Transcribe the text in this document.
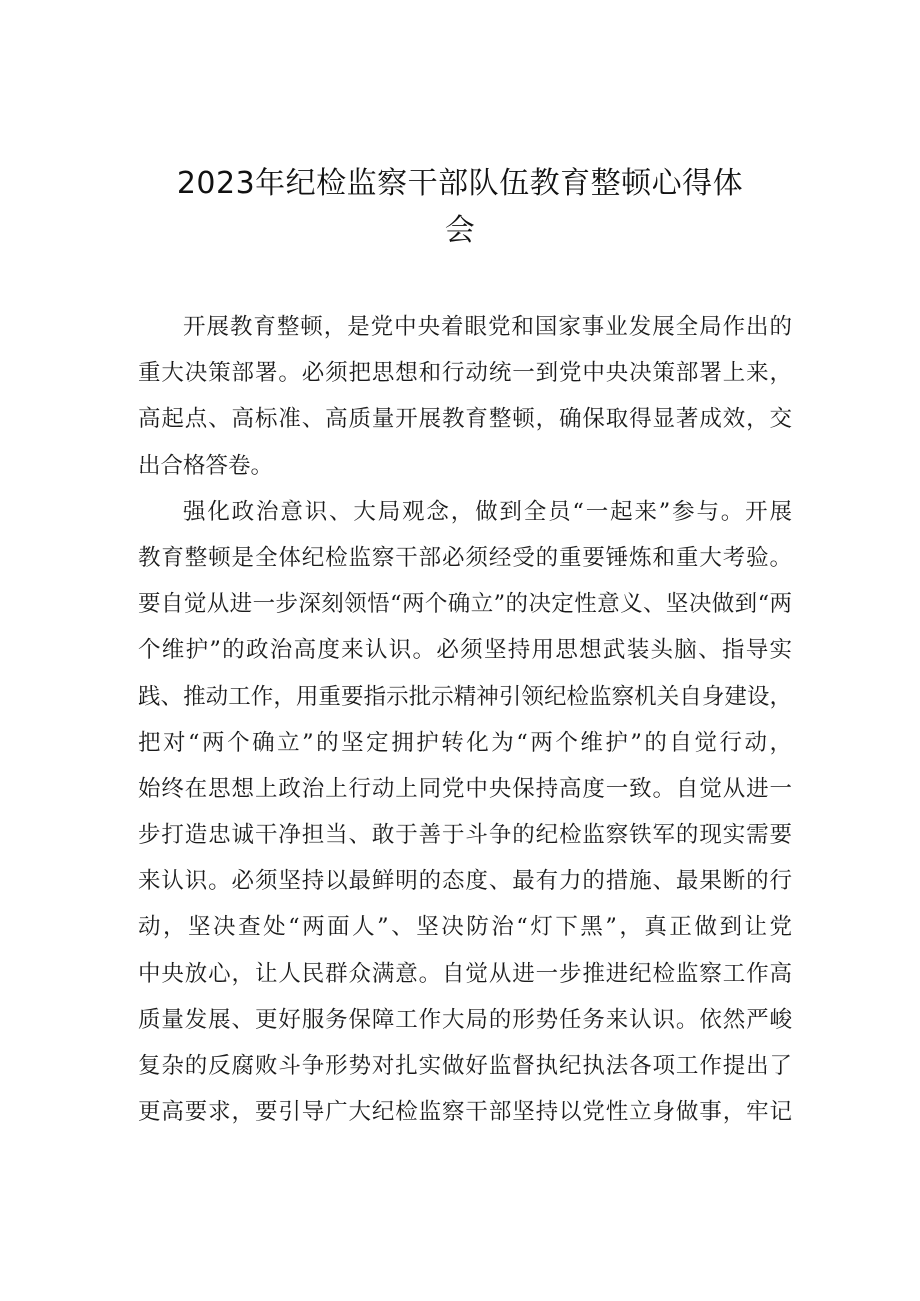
2023年纪检监察干部队伍教育整顿心得体
会
开展教育整顿，是党中央着眼党和国家事业发展全局作出的
重大决策部署。必须把思想和行动统一到党中央决策部署上来，
高起点、高标准、高质量开展教育整顿，确保取得显著成效，交
出合格答卷。
强化政治意识、大局观念，做到全员“一起来”参与。开展
教育整顿是全体纪检监察干部必须经受的重要锤炼和重大考验。
要自觉从进一步深刻领悟“两个确立”的决定性意义、坚决做到“两
个维护”的政治高度来认识。必须坚持用思想武装头脑、指导实
践、推动工作，用重要指示批示精神引领纪检监察机关自身建设，
把对“两个确立”的坚定拥护转化为“两个维护”的自觉行动，
始终在思想上政治上行动上同党中央保持高度一致。自觉从进一
步打造忠诚干净担当、敢于善于斗争的纪检监察铁军的现实需要
来认识。必须坚持以最鲜明的态度、最有力的措施、最果断的行
动，坚决查处“两面人”、坚决防治“灯下黑”，真正做到让党
中央放心，让人民群众满意。自觉从进一步推进纪检监察工作高
质量发展、更好服务保障工作大局的形势任务来认识。依然严峻
复杂的反腐败斗争形势对扎实做好监督执纪执法各项工作提出了
更高要求，要引导广大纪检监察干部坚持以党性立身做事，牢记
